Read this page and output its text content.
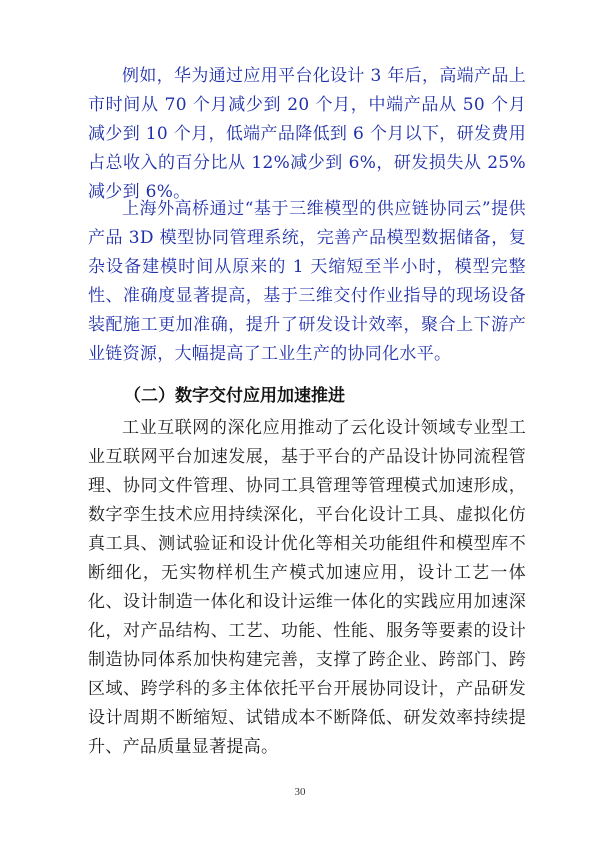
例如，华为通过应用平台化设计 3 年后，高端产品上市时间从 70 个月减少到 20 个月，中端产品从 50 个月减少到 10 个月，低端产品降低到 6 个月以下，研发费用占总收入的百分比从 12%减少到 6%，研发损失从 25%减少到 6%。

上海外高桥通过“基于三维模型的供应链协同云”提供产品 3D 模型协同管理系统，完善产品模型数据储备，复杂设备建模时间从原来的 1 天缩短至半小时，模型完整性、准确度显著提高，基于三维交付作业指导的现场设备装配施工更加准确，提升了研发设计效率，聚合上下游产业链资源，大幅提高了工业生产的协同化水平。

（二）数字交付应用加速推进

工业互联网的深化应用推动了云化设计领域专业型工业互联网平台加速发展，基于平台的产品设计协同流程管理、协同文件管理、协同工具管理等管理模式加速形成，数字孪生技术应用持续深化，平台化设计工具、虚拟化仿真工具、测试验证和设计优化等相关功能组件和模型库不断细化，无实物样机生产模式加速应用，设计工艺一体化、设计制造一体化和设计运维一体化的实践应用加速深化，对产品结构、工艺、功能、性能、服务等要素的设计制造协同体系加快构建完善，支撑了跨企业、跨部门、跨区域、跨学科的多主体依托平台开展协同设计，产品研发设计周期不断缩短、试错成本不断降低、研发效率持续提升、产品质量显著提高。

30
